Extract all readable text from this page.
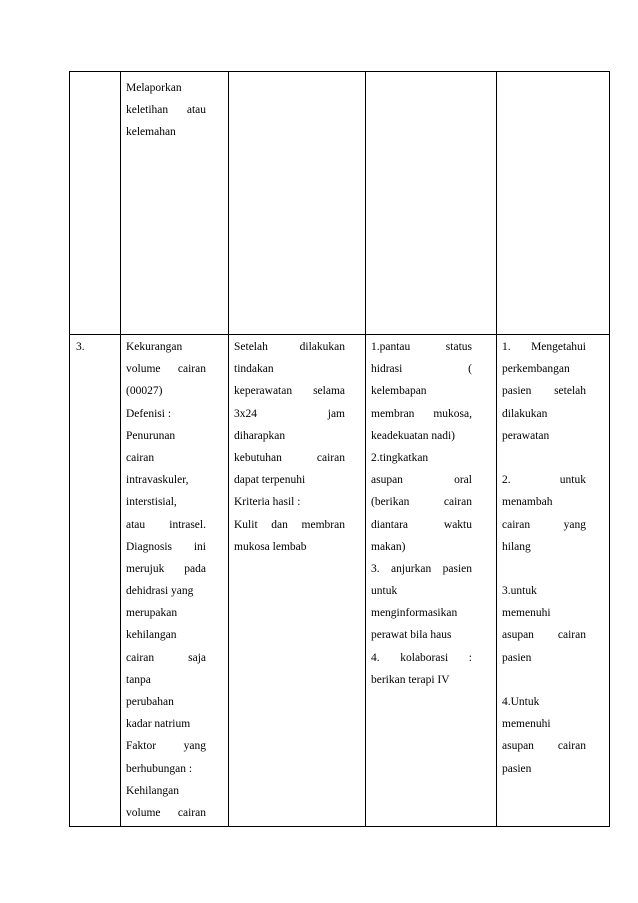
Melaporkan
keletihan atau
kelemahan
3.	Kekurangan
volume cairan
(00027)
Defenisi :
Penurunan
cairan
intravaskuler,
interstisial,
atau intrasel.
Diagnosis ini
merujuk pada
dehidrasi yang
merupakan
kehilangan
cairan saja
tanpa
perubahan
kadar natrium
Faktor yang
berhubungan :
Kehilangan
volume cairan
Setelah dilakukan
tindakan
keperawatan selama
3x24 jam
diharapkan
kebutuhan cairan
dapat terpenuhi
Kriteria hasil :
Kulit dan membran
mukosa lembab
1.pantau status
hidrasi (
kelembapan
membran mukosa,
keadekuatan nadi)
2.tingkatkan
asupan oral
(berikan cairan
diantara waktu
makan)
3. anjurkan pasien
untuk
menginformasikan
perawat bila haus
4. kolaborasi :
berikan terapi IV
1. Mengetahui
perkembangan
pasien setelah
dilakukan
perawatan
2. untuk
menambah
cairan yang
hilang
3.untuk
memenuhi
asupan cairan
pasien
4.Untuk
memenuhi
asupan cairan
pasien
